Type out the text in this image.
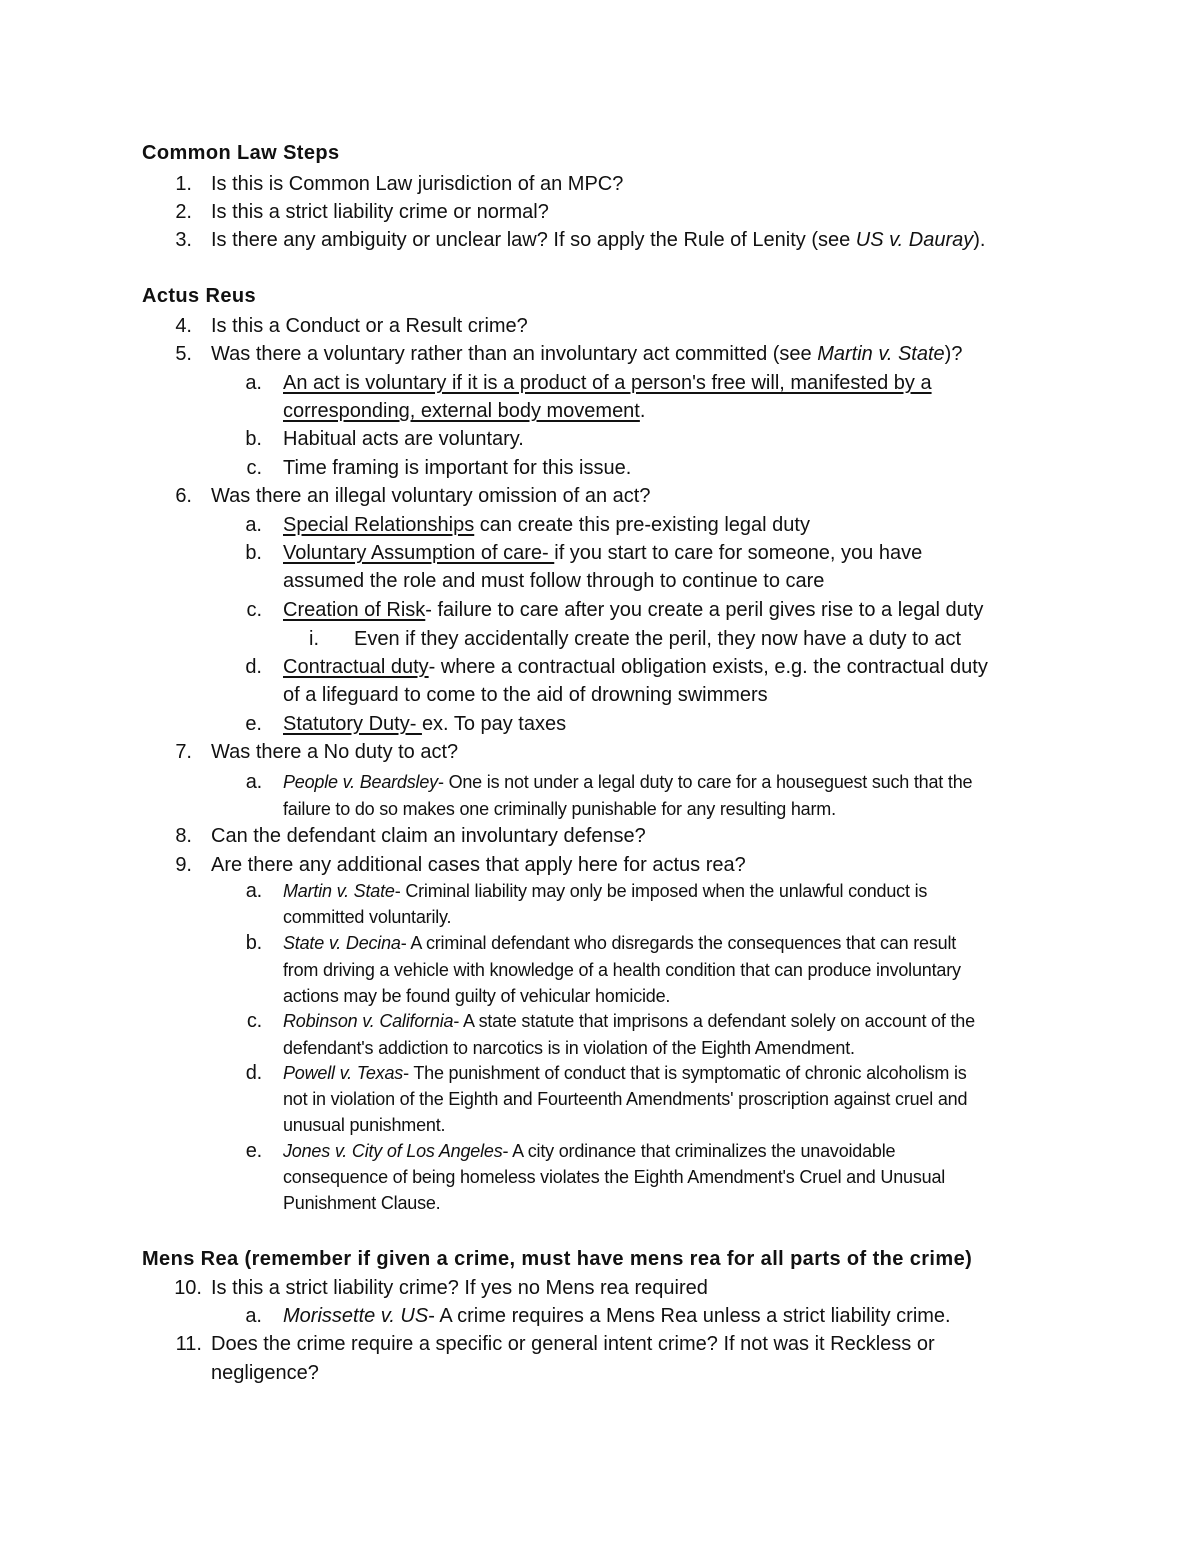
Common Law Steps
1. Is this is Common Law jurisdiction of an MPC?
2. Is this a strict liability crime or normal?
3. Is there any ambiguity or unclear law? If so apply the Rule of Lenity (see US v. Dauray).
Actus Reus
4. Is this a Conduct or a Result crime?
5. Was there a voluntary rather than an involuntary act committed (see Martin v. State)?
a. An act is voluntary if it is a product of a person's free will, manifested by a
corresponding, external body movement.
b. Habitual acts are voluntary.
c. Time framing is important for this issue.
6. Was there an illegal voluntary omission of an act?
a. Special Relationships can create this pre-existing legal duty
b. Voluntary Assumption of care- if you start to care for someone, you have
assumed the role and must follow through to continue to care
c. Creation of Risk- failure to care after you create a peril gives rise to a legal duty
i. Even if they accidentally create the peril, they now have a duty to act
d. Contractual duty- where a contractual obligation exists, e.g. the contractual duty
of a lifeguard to come to the aid of drowning swimmers
e. Statutory Duty- ex. To pay taxes
7. Was there a No duty to act?
a. People v. Beardsley- One is not under a legal duty to care for a houseguest such that the
failure to do so makes one criminally punishable for any resulting harm.
8. Can the defendant claim an involuntary defense?
9. Are there any additional cases that apply here for actus rea?
a. Martin v. State- Criminal liability may only be imposed when the unlawful conduct is
committed voluntarily.
b. State v. Decina- A criminal defendant who disregards the consequences that can result
from driving a vehicle with knowledge of a health condition that can produce involuntary
actions may be found guilty of vehicular homicide.
c. Robinson v. California- A state statute that imprisons a defendant solely on account of the
defendant's addiction to narcotics is in violation of the Eighth Amendment.
d. Powell v. Texas- The punishment of conduct that is symptomatic of chronic alcoholism is
not in violation of the Eighth and Fourteenth Amendments' proscription against cruel and
unusual punishment.
e. Jones v. City of Los Angeles- A city ordinance that criminalizes the unavoidable
consequence of being homeless violates the Eighth Amendment's Cruel and Unusual
Punishment Clause.
Mens Rea (remember if given a crime, must have mens rea for all parts of the crime)
10. Is this a strict liability crime? If yes no Mens rea required
a. Morissette v. US- A crime requires a Mens Rea unless a strict liability crime.
11. Does the crime require a specific or general intent crime? If not was it Reckless or
negligence?
